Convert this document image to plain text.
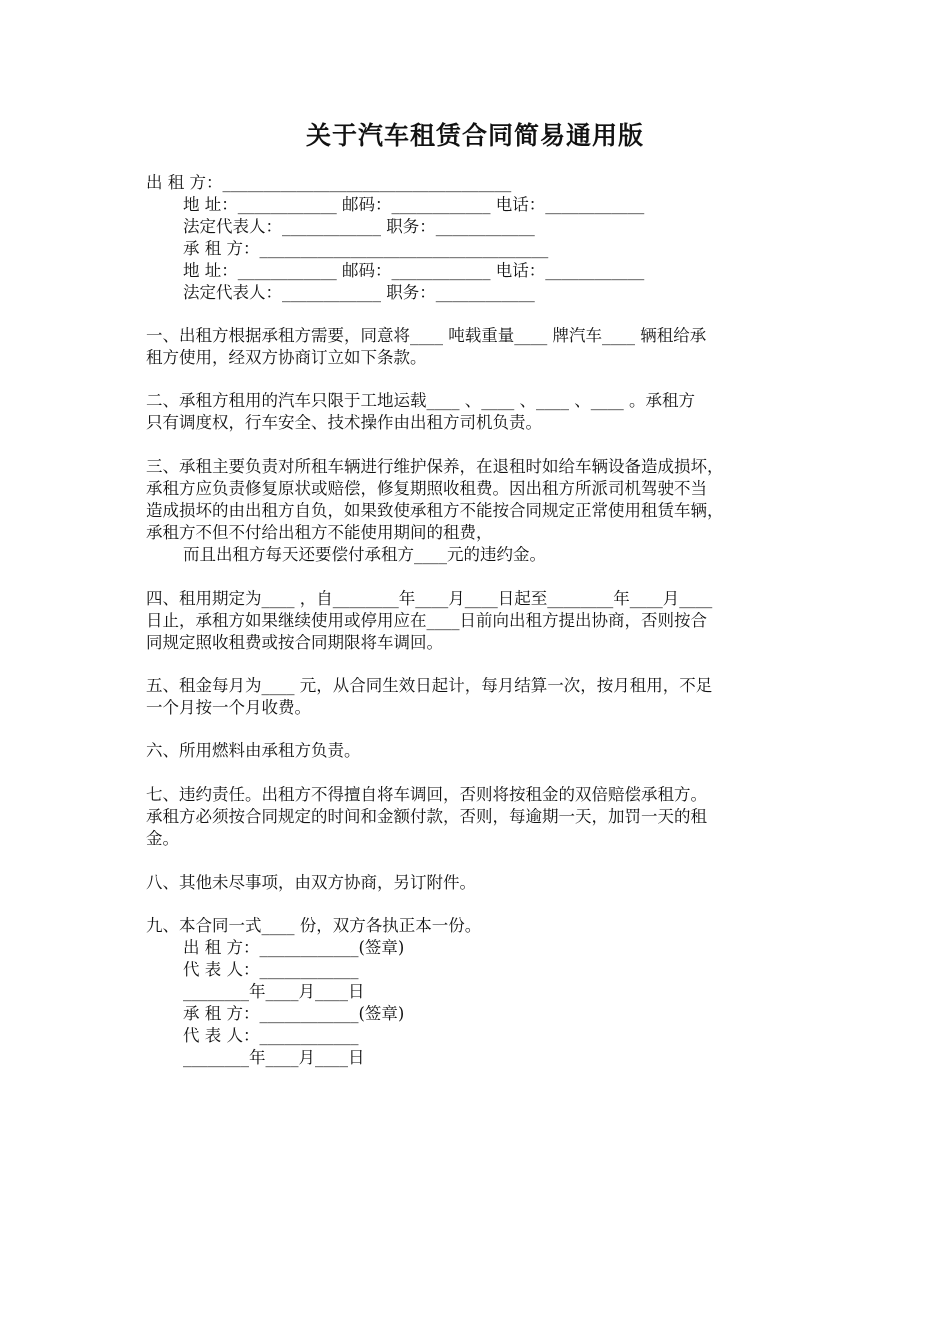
关于汽车租赁合同简易通用版
出 租 方：___________________________________
地 址：____________ 邮码：____________ 电话：____________
法定代表人：____________ 职务：____________
承 租 方：___________________________________
地 址：____________ 邮码：____________ 电话：____________
法定代表人：____________ 职务：____________
一、出租方根据承租方需要，同意将____ 吨载重量____ 牌汽车____ 辆租给承
租方使用，经双方协商订立如下条款。
二、承租方租用的汽车只限于工地运载____ 、____ 、____ 、____ 。承租方
只有调度权，行车安全、技术操作由出租方司机负责。
三、承租主要负责对所租车辆进行维护保养，在退租时如给车辆设备造成损坏，
承租方应负责修复原状或赔偿，修复期照收租费。因出租方所派司机驾驶不当
造成损坏的由出租方自负，如果致使承租方不能按合同规定正常使用租赁车辆，
承租方不但不付给出租方不能使用期间的租费，
而且出租方每天还要偿付承租方____元的违约金。
四、租用期定为____ ，自________年____月____日起至________年____月____
日止，承租方如果继续使用或停用应在____日前向出租方提出协商，否则按合
同规定照收租费或按合同期限将车调回。
五、租金每月为____ 元，从合同生效日起计，每月结算一次，按月租用，不足
一个月按一个月收费。
六、所用燃料由承租方负责。
七、违约责任。出租方不得擅自将车调回，否则将按租金的双倍赔偿承租方。
承租方必须按合同规定的时间和金额付款，否则，每逾期一天，加罚一天的租
金。
八、其他未尽事项，由双方协商，另订附件。
九、本合同一式____ 份，双方各执正本一份。
出 租 方：____________(签章)
代 表 人：____________
________年____月____日
承 租 方：____________(签章)
代 表 人：____________
________年____月____日
